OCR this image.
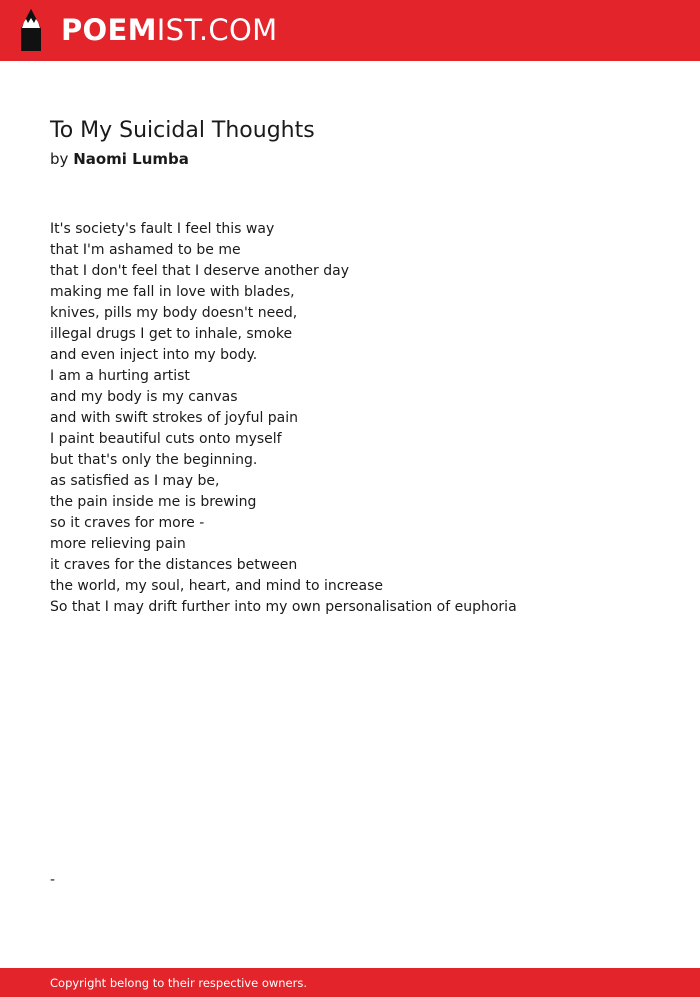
POEMIST.COM
To My Suicidal Thoughts
by Naomi Lumba
It's society's fault I feel this way
that I'm ashamed to be me
that I don't feel that I deserve another day
making me fall in love with blades,
knives, pills my body doesn't need,
illegal drugs I get to inhale, smoke
and even inject into my body.
I am a hurting artist
and my body is my canvas
and with swift strokes of joyful pain
I paint beautiful cuts onto myself
but that's only the beginning.
as satisfied as I may be,
the pain inside me is brewing
so it craves for more -
more relieving pain
it craves for the distances between
the world, my soul, heart, and mind to increase
So that I may drift further into my own personalisation of euphoria
-
Copyright belong to their respective owners.
